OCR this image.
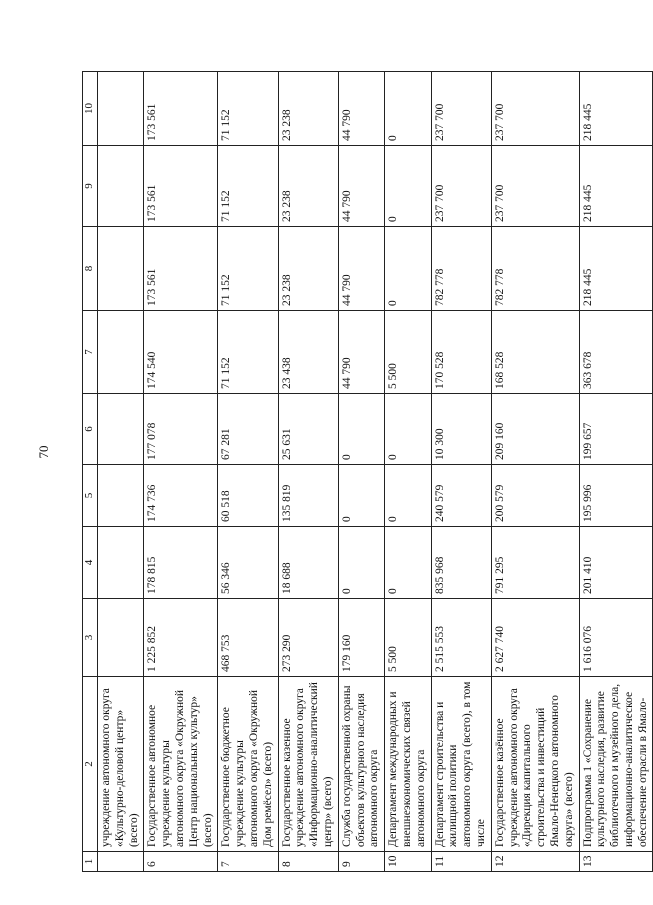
70
1	2	3	4	5	6	7	8	9	10
	учреждение автономного округа «Культурно-деловой центр» (всего)								
6	Государственное автономное учреждение культуры автономного округа «Окружной Центр национальных культур» (всего)	1 225 852	178 815	174 736	177 078	174 540	173 561	173 561	173 561
7	Государственное бюджетное учреждение культуры автономного округа «Окружной Дом ремёсел» (всего)	468 753	56 346	60 518	67 281	71 152	71 152	71 152	71 152
8	Государственное казенное учреждение автономного округа «Информационно-аналитический центр» (всего)	273 290	18 688	135 819	25 631	23 438	23 238	23 238	23 238
9	Служба государственной охраны объектов культурного наследия автономного округа	179 160	0	0	0	44 790	44 790	44 790	44 790
10	Департамент международных и внешнеэкономических связей автономного округа	5 500	0	0	0	5 500	0	0	0
11	Департамент строительства и жилищной политики автономного округа (всего), в том числе	2 515 553	835 968	240 579	10 300	170 528	782 778	237 700	237 700
12	Государственное казённое учреждение автономного округа «Дирекция капитального строительства и инвестиций Ямало-Ненецкого автономного округа» (всего)	2 627 740	791 295	200 579	209 160	168 528	782 778	237 700	237 700
13	Подпрограмма 1 «Сохранение культурного наследия, развитие библиотечного и музейного дела, информационно-аналитическое обеспечение отрасли в Ямало-	1 616 076	201 410	195 996	199 657	363 678	218 445	218 445	218 445
